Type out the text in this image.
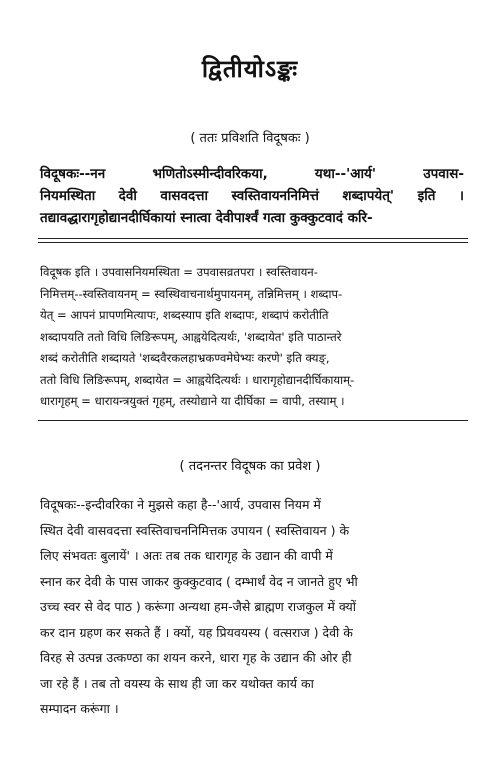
द्वितीयोऽङ्कः
( ततः प्रविशति विदूषकः )

विदूषकः--नन भणितोऽस्मीन्दीवरिकया, यथा--'आर्य' उपवास-

नियमस्थिता देवी वासवदत्ता स्वस्तिवायननिमित्तं शब्दापयेत्' इति ।

तद्यावद्धारागृहोद्यानदीर्घिकायां स्नात्वा देवीपार्श्वं गत्वा कुक्कुटवादं करि-

विदूषक इति । उपवासनियमस्थिता = उपवासव्रतपरा । स्वस्तिवायन-

निमित्तम्--स्वस्तिवायनम् = स्वस्थिवाचनार्थमुपायनम्, तन्निमित्तम् । शब्दाप-

येत् = आपनं प्रापणमित्यापः, शब्दस्याप इति शब्दापः, शब्दापं करोतीति

शब्दापयति ततो विधि लिङिरूपम्, आह्वयेदित्यर्थः, 'शब्दायेत' इति पाठान्तरे

शब्दं करोतीति शब्दायते 'शब्दवैरकलहाभ्रकण्वमेघेभ्यः करणे' इति क्यङ्,

ततो विधि लिङिरूपम्, शब्दायेत = आह्वयेदित्यर्थः । धारागृहोद्यानदीर्घिकायाम्-

धारागृहम् = धारायन्त्रयुक्तं गृहम्, तस्योद्याने या दीर्घिका = वापी, तस्याम् ।

( तदनन्तर विदूषक का प्रवेश )

विदूषकः--इन्दीवरिका ने मुझसे कहा है--'आर्य, उपवास नियम में

स्थित देवी वासवदत्ता स्वस्तिवाचननिमित्तक उपायन ( स्वस्तिवायन ) के

लिए संभवतः बुलायें' । अतः तब तक धारागृह के उद्यान की वापी में

स्नान कर देवी के पास जाकर कुक्कुटवाद ( दम्भार्थं वेद न जानते हुए भी

उच्च स्वर से वेद पाठ ) करूंगा अन्यथा हम-जैसे ब्राह्मण राजकुल में क्यों

कर दान ग्रहण कर सकते हैं । क्यों, यह प्रियवयस्य ( वत्सराज ) देवी के

विरह से उत्पन्न उत्कण्ठा का शयन करने, धारा गृह के उद्यान की ओर ही

जा रहे हैं । तब तो वयस्य के साथ ही जा कर यथोक्त कार्य का

सम्पादन करूंगा ।
